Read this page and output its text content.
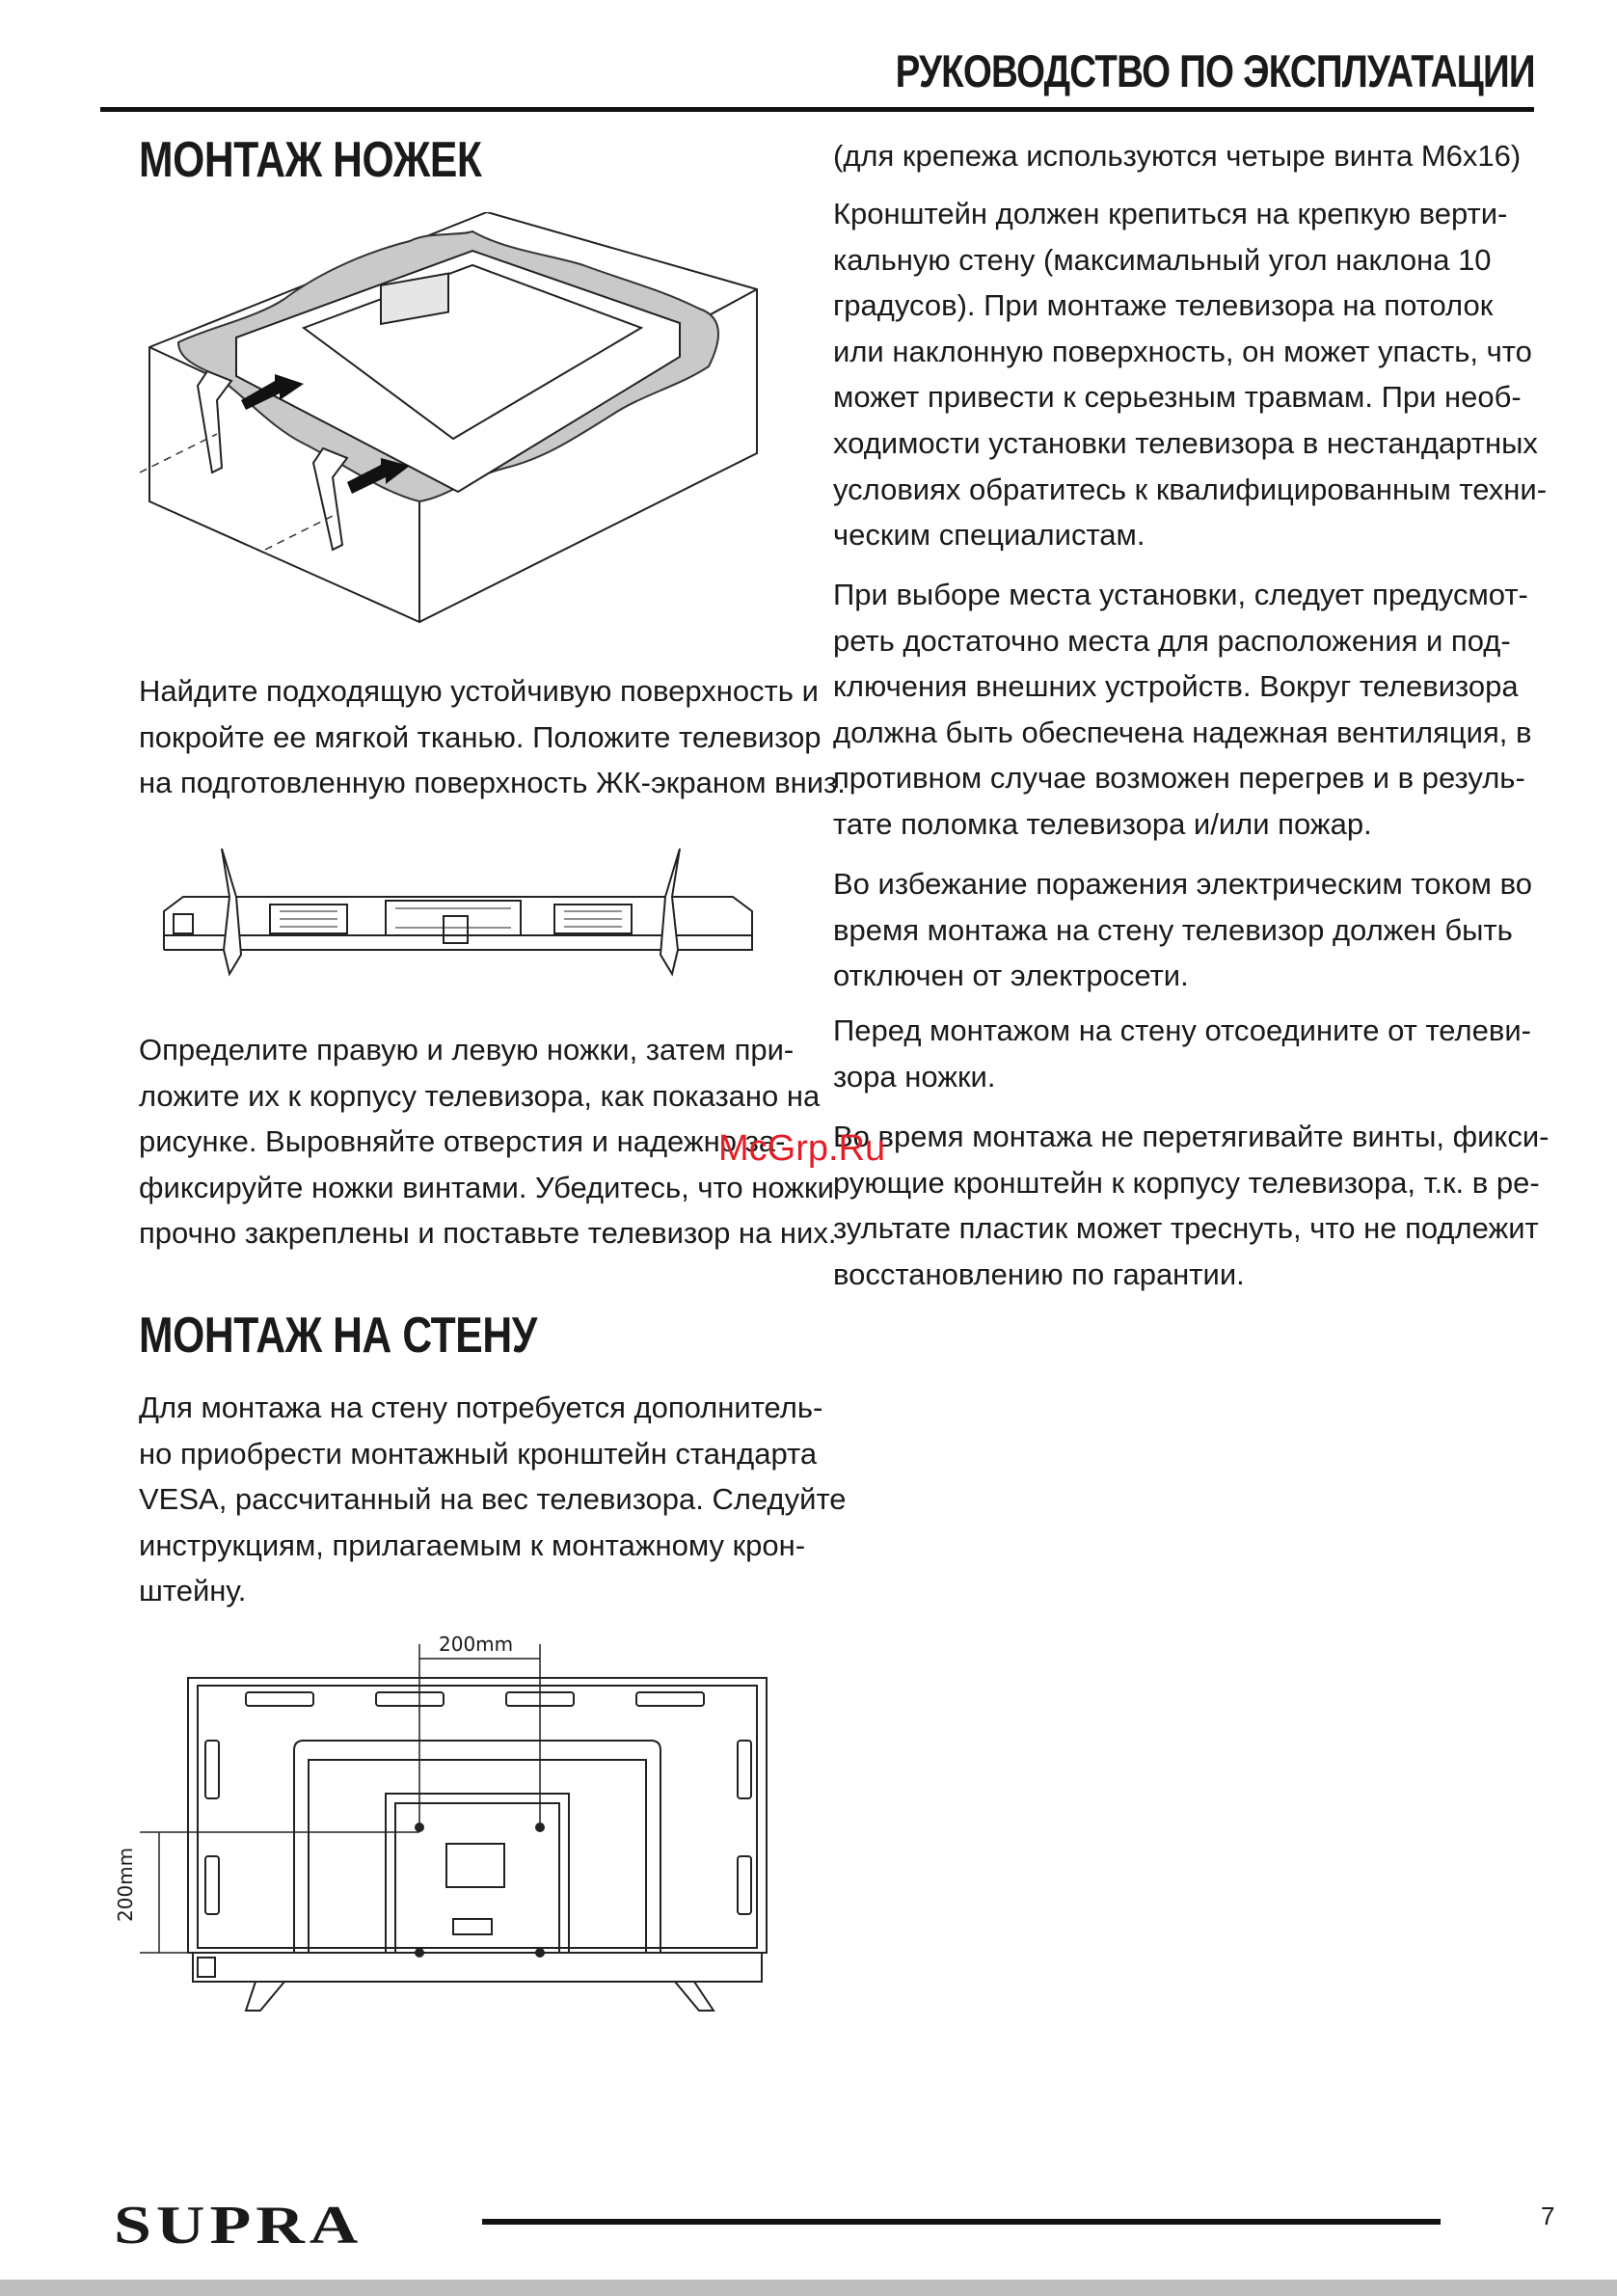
РУКОВОДСТВО ПО ЭКСПЛУАТАЦИИ
МОНТАЖ НОЖЕК
Найдите подходящую устойчивую поверхность и
покройте ее мягкой тканью. Положите телевизор
на подготовленную поверхность ЖК-экраном вниз.
Определите правую и левую ножки, затем при-
ложите их к корпусу телевизора, как показано на
рисунке. Выровняйте отверстия и надежно за-
фиксируйте ножки винтами. Убедитесь, что ножки
прочно закреплены и поставьте телевизор на них.
МОНТАЖ НА СТЕНУ
Для монтажа на стену потребуется дополнитель-
но приобрести монтажный кронштейн стандарта
VESA, рассчитанный на вес телевизора. Следуйте
инструкциям, прилагаемым к монтажному крон-
штейну.
200mm
200mm
(для крепежа используются четыре винта М6х16)
Кронштейн должен крепиться на крепкую верти-
кальную стену (максимальный угол наклона 10
градусов). При монтаже телевизора на потолок
или наклонную поверхность, он может упасть, что
может привести к серьезным травмам. При необ-
ходимости установки телевизора в нестандартных
условиях обратитесь к квалифицированным техни-
ческим специалистам.
При выборе места установки, следует предусмот-
реть достаточно места для расположения и под-
ключения внешних устройств. Вокруг телевизора
должна быть обеспечена надежная вентиляция, в
противном случае возможен перегрев и в резуль-
тате поломка телевизора и/или пожар.
Во избежание поражения электрическим током во
время монтажа на стену телевизор должен быть
отключен от электросети.
Перед монтажом на стену отсоедините от телеви-
зора ножки.
Во время монтажа не перетягивайте винты, фикси-
рующие кронштейн к корпусу телевизора, т.к. в ре-
зультате пластик может треснуть, что не подлежит
восстановлению по гарантии.
McGrp.Ru
SUPRA	7
